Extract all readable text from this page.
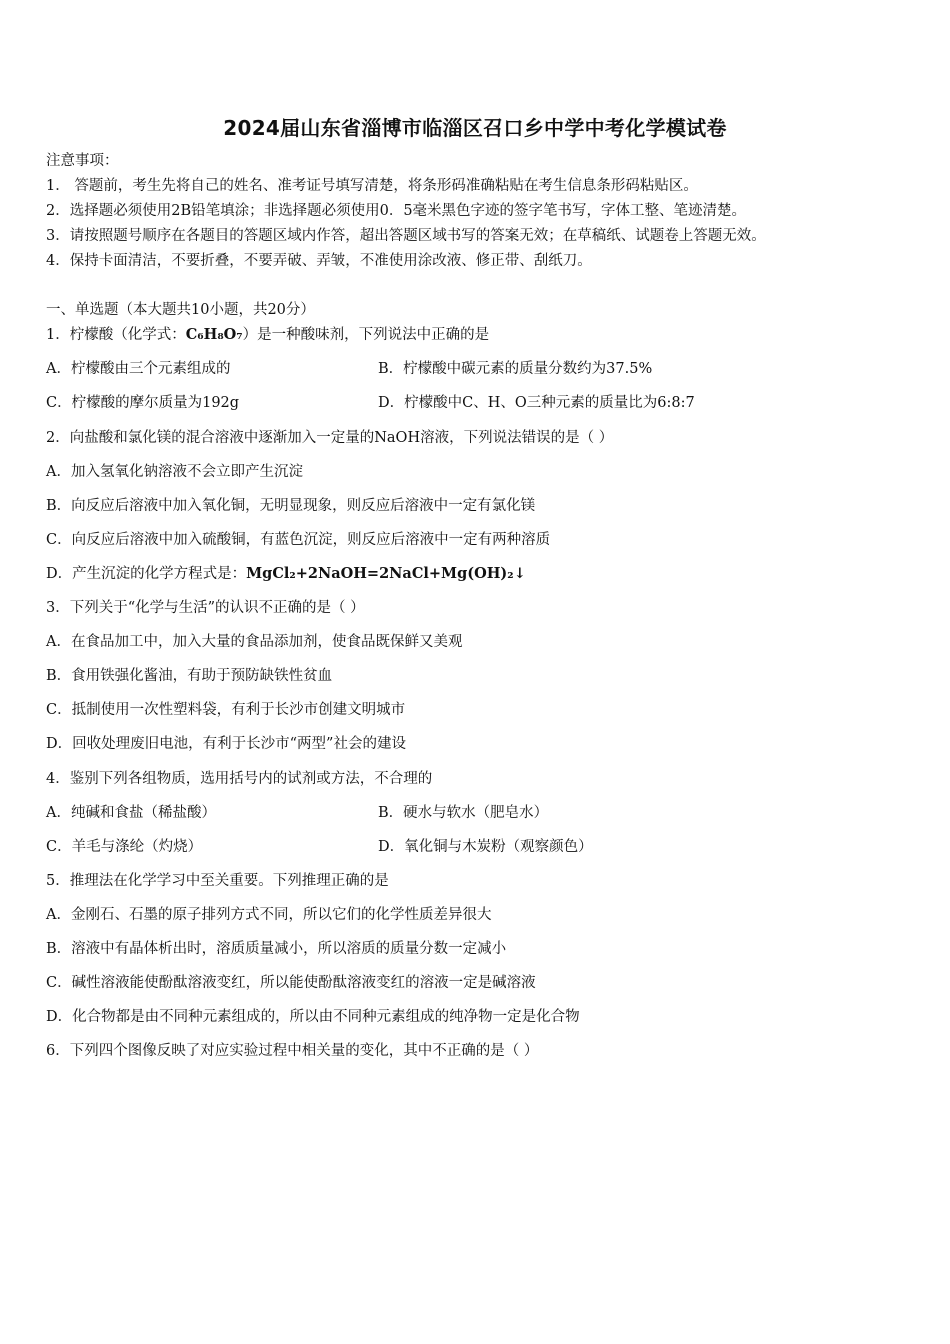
2024届山东省淄博市临淄区召口乡中学中考化学模试卷
注意事项：
1． 答题前，考生先将自己的姓名、准考证号填写清楚，将条形码准确粘贴在考生信息条形码粘贴区。
2．选择题必须使用2B铅笔填涂；非选择题必须使用0．5毫米黑色字迹的签字笔书写，字体工整、笔迹清楚。
3．请按照题号顺序在各题目的答题区域内作答，超出答题区域书写的答案无效；在草稿纸、试题卷上答题无效。
4．保持卡面清洁，不要折叠，不要弄破、弄皱，不准使用涂改液、修正带、刮纸刀。
一、单选题（本大题共10小题，共20分）
1．柠檬酸（化学式：C₆H₈O₇）是一种酸味剂，下列说法中正确的是
A．柠檬酸由三个元素组成的	B．柠檬酸中碳元素的质量分数约为37.5%
C．柠檬酸的摩尔质量为192g	D．柠檬酸中C、H、O三种元素的质量比为6:8:7
2．向盐酸和氯化镁的混合溶液中逐渐加入一定量的NaOH溶液，下列说法错误的是（ ）
A．加入氢氧化钠溶液不会立即产生沉淀
B．向反应后溶液中加入氧化铜，无明显现象，则反应后溶液中一定有氯化镁
C．向反应后溶液中加入硫酸铜，有蓝色沉淀，则反应后溶液中一定有两种溶质
D．产生沉淀的化学方程式是：MgCl₂+2NaOH=2NaCl+Mg(OH)₂↓
3．下列关于“化学与生活”的认识不正确的是（ ）
A．在食品加工中，加入大量的食品添加剂，使食品既保鲜又美观
B．食用铁强化酱油，有助于预防缺铁性贫血
C．抵制使用一次性塑料袋，有利于长沙市创建文明城市
D．回收处理废旧电池，有利于长沙市“两型”社会的建设
4．鉴别下列各组物质，选用括号内的试剂或方法，不合理的
A．纯碱和食盐（稀盐酸）	B．硬水与软水（肥皂水）
C．羊毛与涤纶（灼烧）	D．氧化铜与木炭粉（观察颜色）
5．推理法在化学学习中至关重要。下列推理正确的是
A．金刚石、石墨的原子排列方式不同，所以它们的化学性质差异很大
B．溶液中有晶体析出时，溶质质量减小，所以溶质的质量分数一定减小
C．碱性溶液能使酚酞溶液变红，所以能使酚酞溶液变红的溶液一定是碱溶液
D．化合物都是由不同种元素组成的，所以由不同种元素组成的纯净物一定是化合物
6．下列四个图像反映了对应实验过程中相关量的变化，其中不正确的是（ ）
